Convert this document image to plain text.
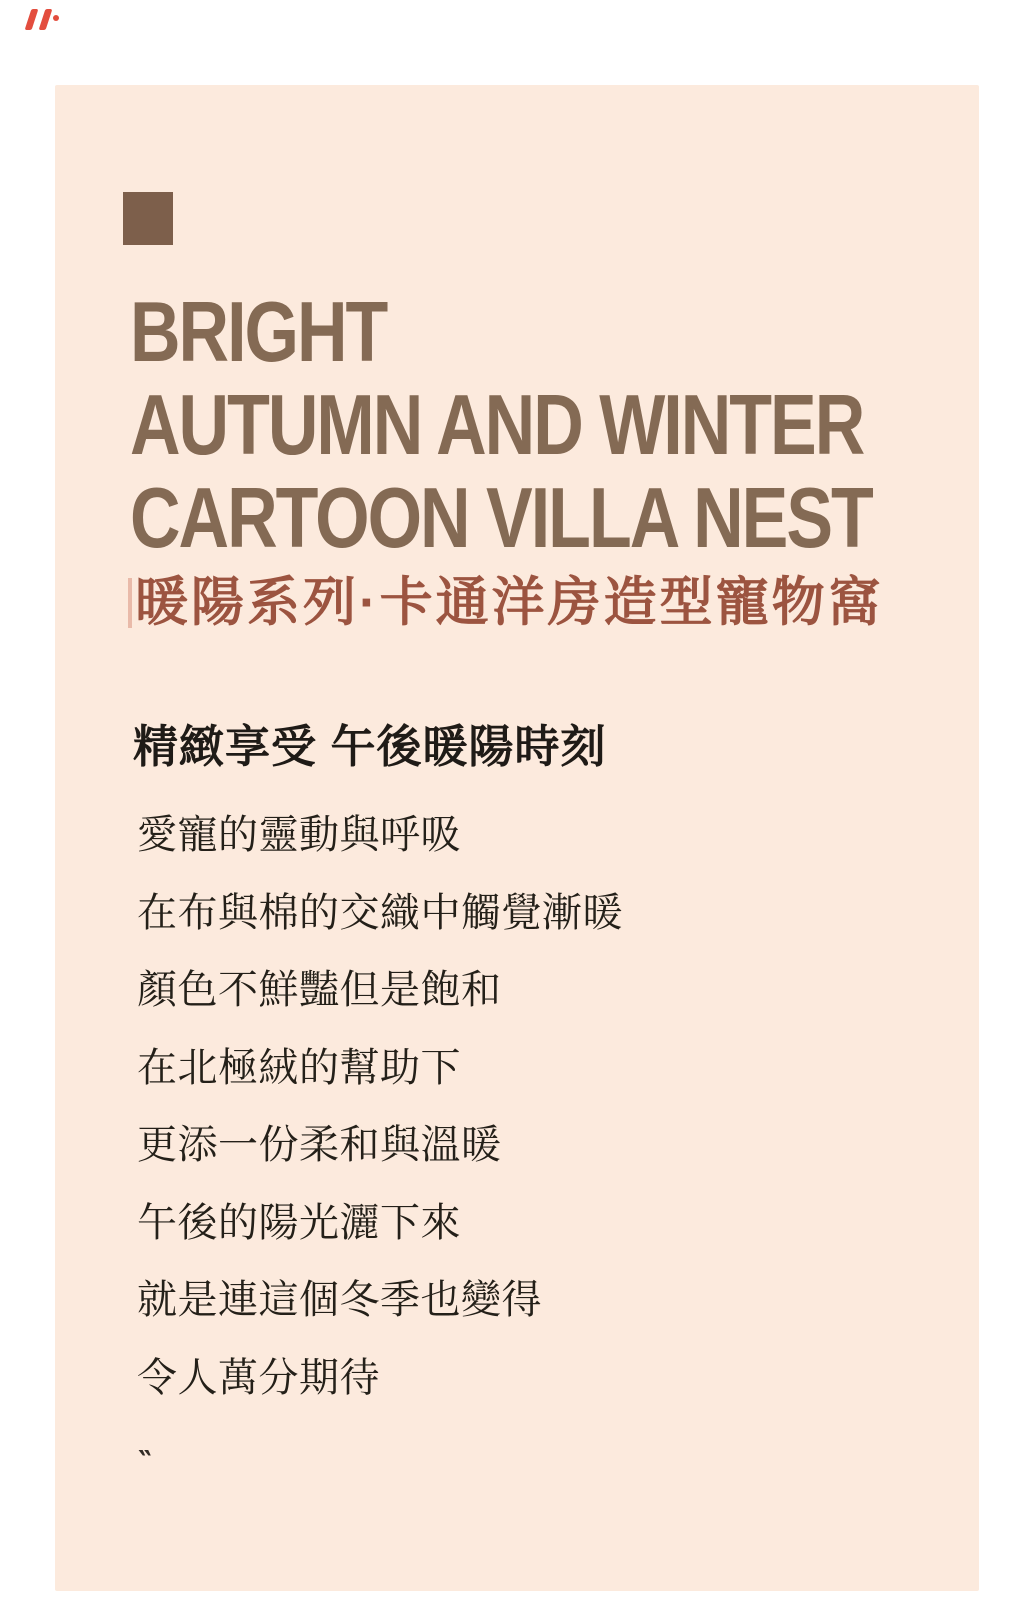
BRIGHT
AUTUMN AND WINTER
CARTOON VILLA NEST
暖陽系列·卡通洋房造型寵物窩
精緻享受 午後暖陽時刻
愛寵的靈動與呼吸
在布與棉的交織中觸覺漸暖
顏色不鮮豔但是飽和
在北極絨的幫助下
更添一份柔和與溫暖
午後的陽光灑下來
就是連這個冬季也變得
令人萬分期待
‶
